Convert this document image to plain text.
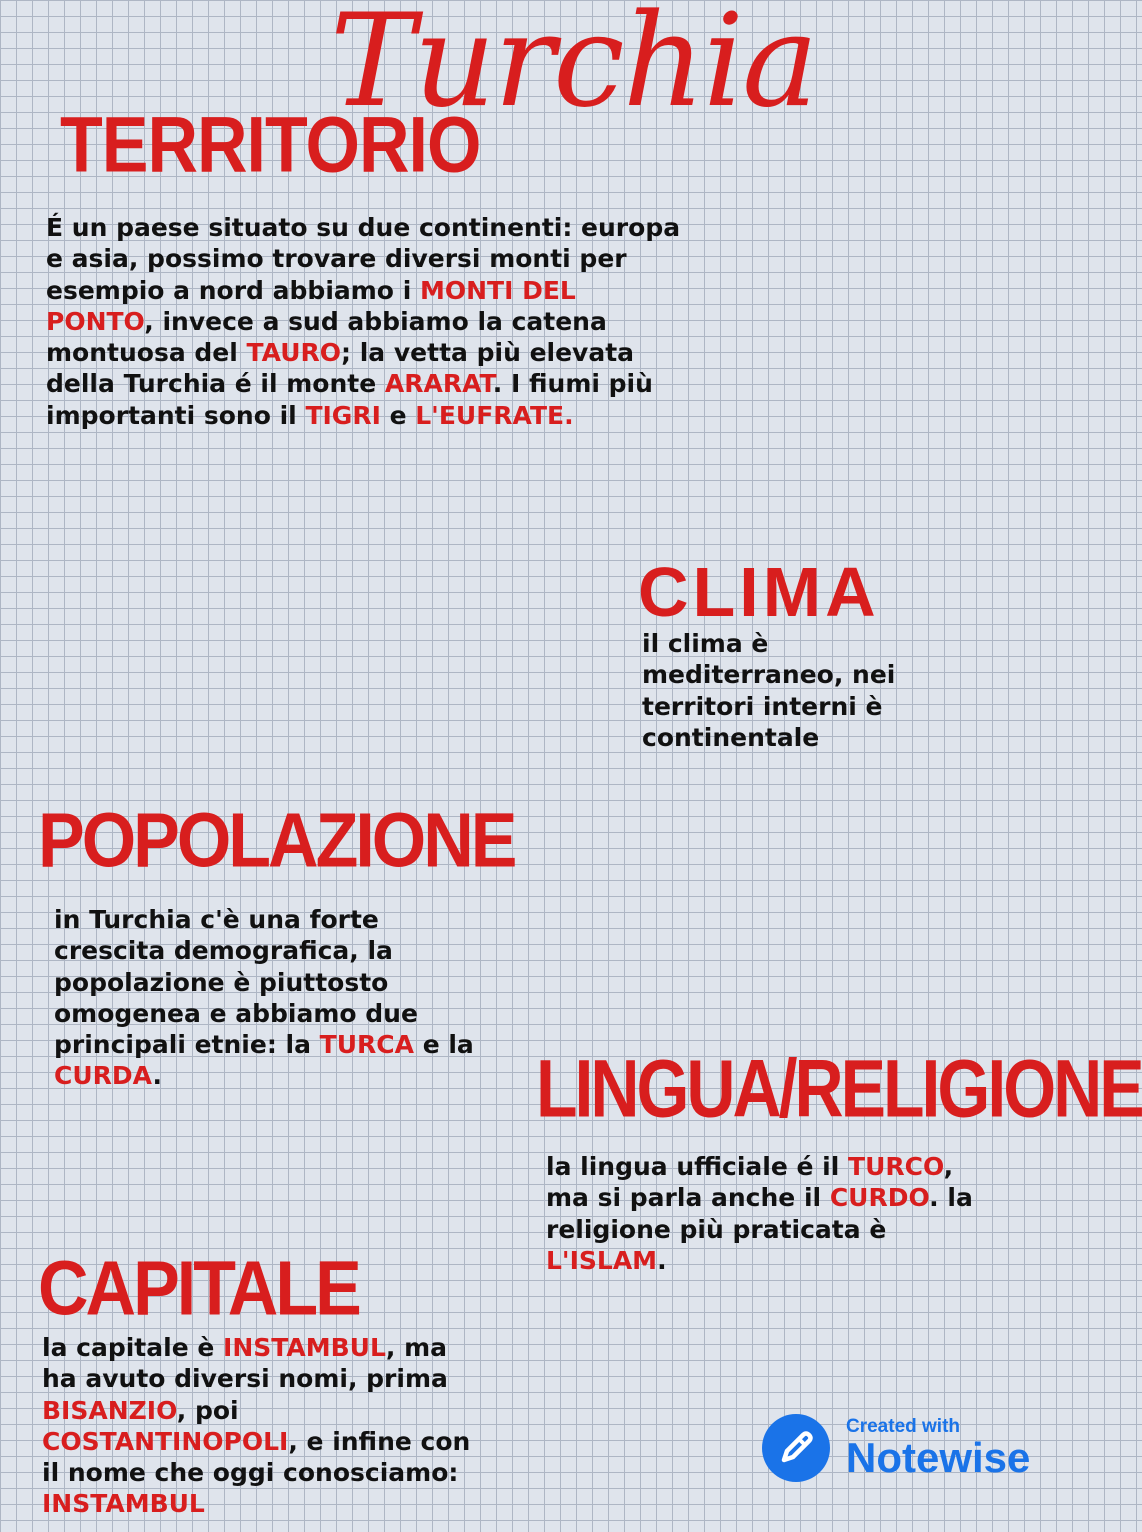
Turchia
TERRITORIO

É un paese situato su due continenti: europa e asia, possimo trovare diversi monti per esempio a nord abbiamo i MONTI DEL PONTO, invece a sud abbiamo la catena montuosa del TAURO; la vetta più elevata della Turchia é il monte ARARAT. I fiumi più importanti sono il TIGRI e L'EUFRATE.

CLIMA

il clima è mediterraneo, nei territori interni è continentale

POPOLAZIONE

in Turchia c'è una forte crescita demografica, la popolazione è piuttosto omogenea e abbiamo due principali etnie: la TURCA e la CURDA.	LINGUA/RELIGIONE

la lingua ufficiale é il TURCO, ma si parla anche il CURDO. la religione più praticata è L'ISLAM.

CAPITALE

la capitale è INSTAMBUL, ma ha avuto diversi nomi, prima BISANZIO, poi COSTANTINOPOLI, e infine con il nome che oggi conosciamo: INSTAMBUL

Created with
Notewise
